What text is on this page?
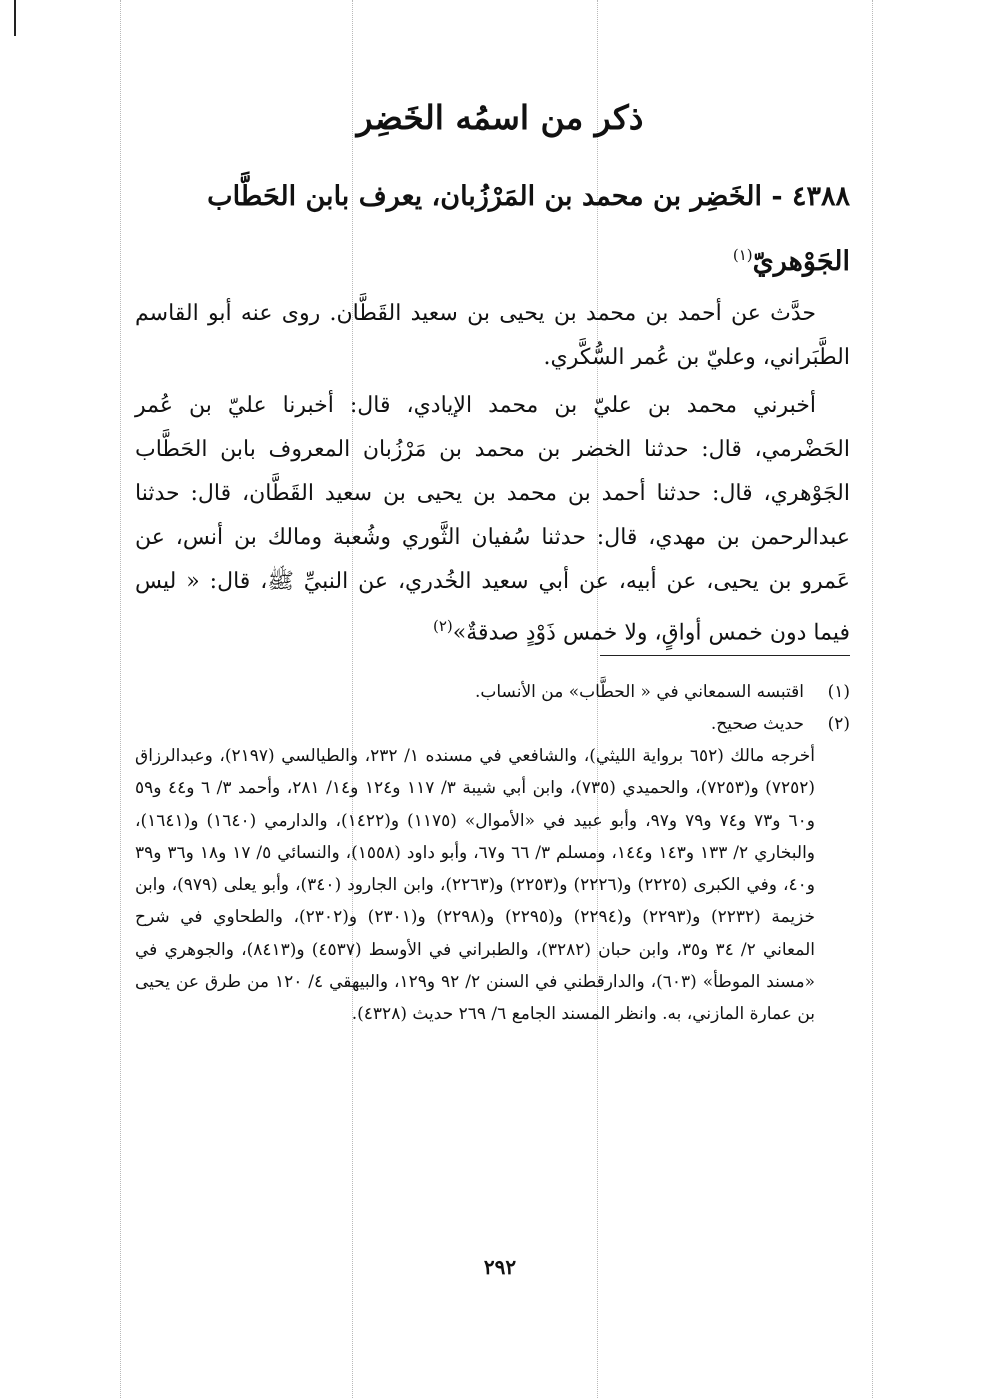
ذكر من اسمُه الخَضِر
٤٣٨٨ - الخَضِر بن محمد بن المَرْزُبان، يعرف بابن الحَطَّاب الجَوْهريّ$^{(١)}$
حدَّث عن أحمد بن محمد بن يحيى بن سعيد القَطَّان. روى عنه أبو القاسم الطَّبَراني، وعليّ بن عُمر السُّكَّري.
أخبرني محمد بن عليّ بن محمد الإيادي، قال: أخبرنا عليّ بن عُمر الحَضْرمي، قال: حدثنا الخضر بن محمد بن مَرْزُبان المعروف بابن الحَطَّاب الجَوْهري، قال: حدثنا أحمد بن محمد بن يحيى بن سعيد القَطَّان، قال: حدثنا عبدالرحمن بن مهدي، قال: حدثنا سُفيان الثَّوري وشُعبة ومالك بن أنس، عن عَمرو بن يحيى، عن أبيه، عن أبي سعيد الخُدري، عن النبيِّ ﷺ، قال: « ليس فيما دون خمس أواقٍ، ولا خمس ذَوْدٍ صدقةٌ»$^{(٢)}$
(١)اقتبسه السمعاني في « الحطَّاب» من الأنساب.
(٢)حديث صحيح.
أخرجه مالك (٦٥٢ برواية الليثي)، والشافعي في مسنده ١/ ٢٣٢، والطيالسي (٢١٩٧)، وعبدالرزاق (٧٢٥٢) و(٧٢٥٣)، والحميدي (٧٣٥)، وابن أبي شيبة ٣/ ١١٧ و١٢٤ و١٤/ ٢٨١، وأحمد ٣/ ٦ و٤٤ و٥٩ و٦٠ و٧٣ و٧٤ و٧٩ و٩٧، وأبو عبيد في «الأموال» (١١٧٥) و(١٤٢٢)، والدارمي (١٦٤٠) و(١٦٤١)، والبخاري ٢/ ١٣٣ و١٤٣ و١٤٤، ومسلم ٣/ ٦٦ و٦٧، وأبو داود (١٥٥٨)، والنسائي ٥/ ١٧ و١٨ و٣٦ و٣٩ و٤٠، وفي الكبرى (٢٢٢٥) و(٢٢٢٦) و(٢٢٥٣) و(٢٢٦٣)، وابن الجارود (٣٤٠)، وأبو يعلى (٩٧٩)، وابن خزيمة (٢٢٣٢) و(٢٢٩٣) و(٢٢٩٤) و(٢٢٩٥) و(٢٢٩٨) و(٢٣٠١) و(٢٣٠٢)، والطحاوي في شرح المعاني ٢/ ٣٤ و٣٥، وابن حبان (٣٢٨٢)، والطبراني في الأوسط (٤٥٣٧) و(٨٤١٣)، والجوهري في «مسند الموطأ» (٦٠٣)، والدارقطني في السنن ٢/ ٩٢ و١٢٩، والبيهقي ٤/ ١٢٠ من طرق عن يحيى بن عمارة المازني، به. وانظر المسند الجامع ٦/ ٢٦٩ حديث (٤٣٢٨).
٢٩٢
